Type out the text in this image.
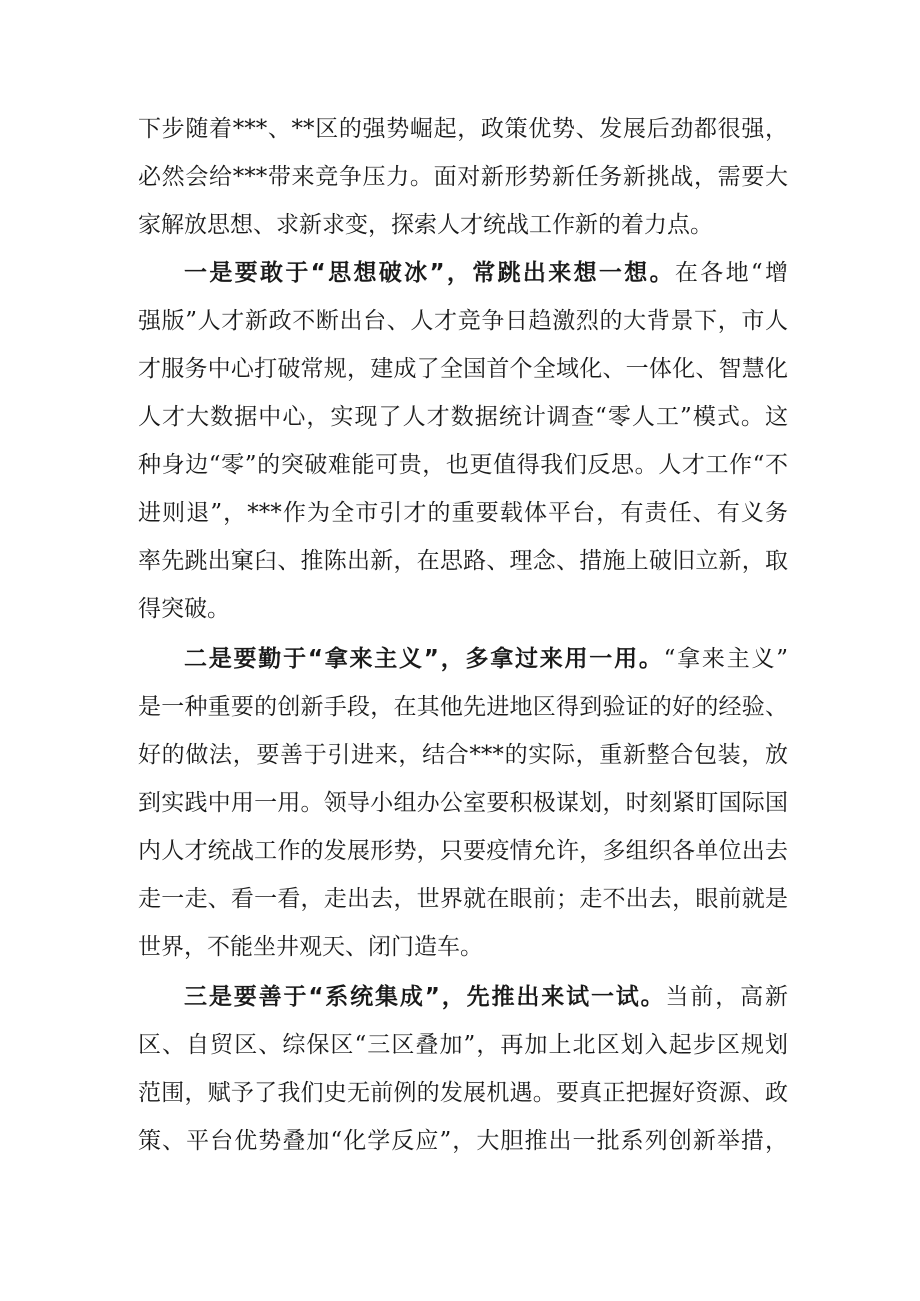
下步随着***、**区的强势崛起，政策优势、发展后劲都很强，
必然会给***带来竞争压力。面对新形势新任务新挑战，需要大
家解放思想、求新求变，探索人才统战工作新的着力点。
一是要敢于“思想破冰”，常跳出来想一想。在各地“增
强版”人才新政不断出台、人才竞争日趋激烈的大背景下，市人
才服务中心打破常规，建成了全国首个全域化、一体化、智慧化
人才大数据中心，实现了人才数据统计调查“零人工”模式。这
种身边“零”的突破难能可贵，也更值得我们反思。人才工作“不
进则退”，***作为全市引才的重要载体平台，有责任、有义务
率先跳出窠臼、推陈出新，在思路、理念、措施上破旧立新，取
得突破。
二是要勤于“拿来主义”，多拿过来用一用。“拿来主义”
是一种重要的创新手段，在其他先进地区得到验证的好的经验、
好的做法，要善于引进来，结合***的实际，重新整合包装，放
到实践中用一用。领导小组办公室要积极谋划，时刻紧盯国际国
内人才统战工作的发展形势，只要疫情允许，多组织各单位出去
走一走、看一看，走出去，世界就在眼前；走不出去，眼前就是
世界，不能坐井观天、闭门造车。
三是要善于“系统集成”，先推出来试一试。当前，高新
区、自贸区、综保区“三区叠加”，再加上北区划入起步区规划
范围，赋予了我们史无前例的发展机遇。要真正把握好资源、政
策、平台优势叠加“化学反应”，大胆推出一批系列创新举措，
